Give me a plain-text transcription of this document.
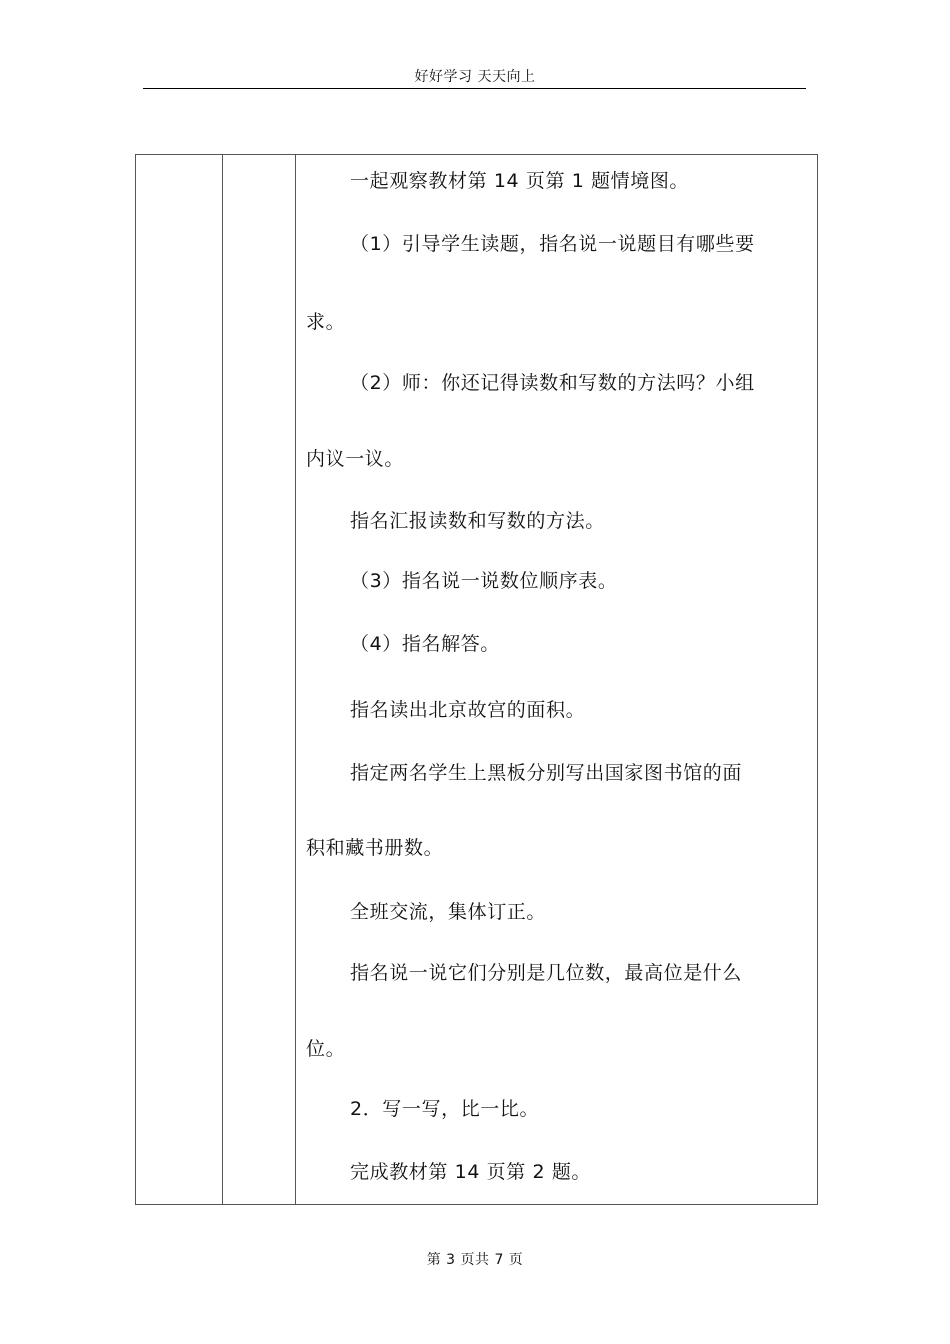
好好学习 天天向上
一起观察教材第 14 页第 1 题情境图。
（1）引导学生读题，指名说一说题目有哪些要
求。
（2）师：你还记得读数和写数的方法吗？小组
内议一议。
指名汇报读数和写数的方法。
（3）指名说一说数位顺序表。
（4）指名解答。
指名读出北京故宫的面积。
指定两名学生上黑板分别写出国家图书馆的面
积和藏书册数。
全班交流，集体订正。
指名说一说它们分别是几位数，最高位是什么
位。
2．写一写，比一比。
完成教材第 14 页第 2 题。
第 3 页共 7 页
